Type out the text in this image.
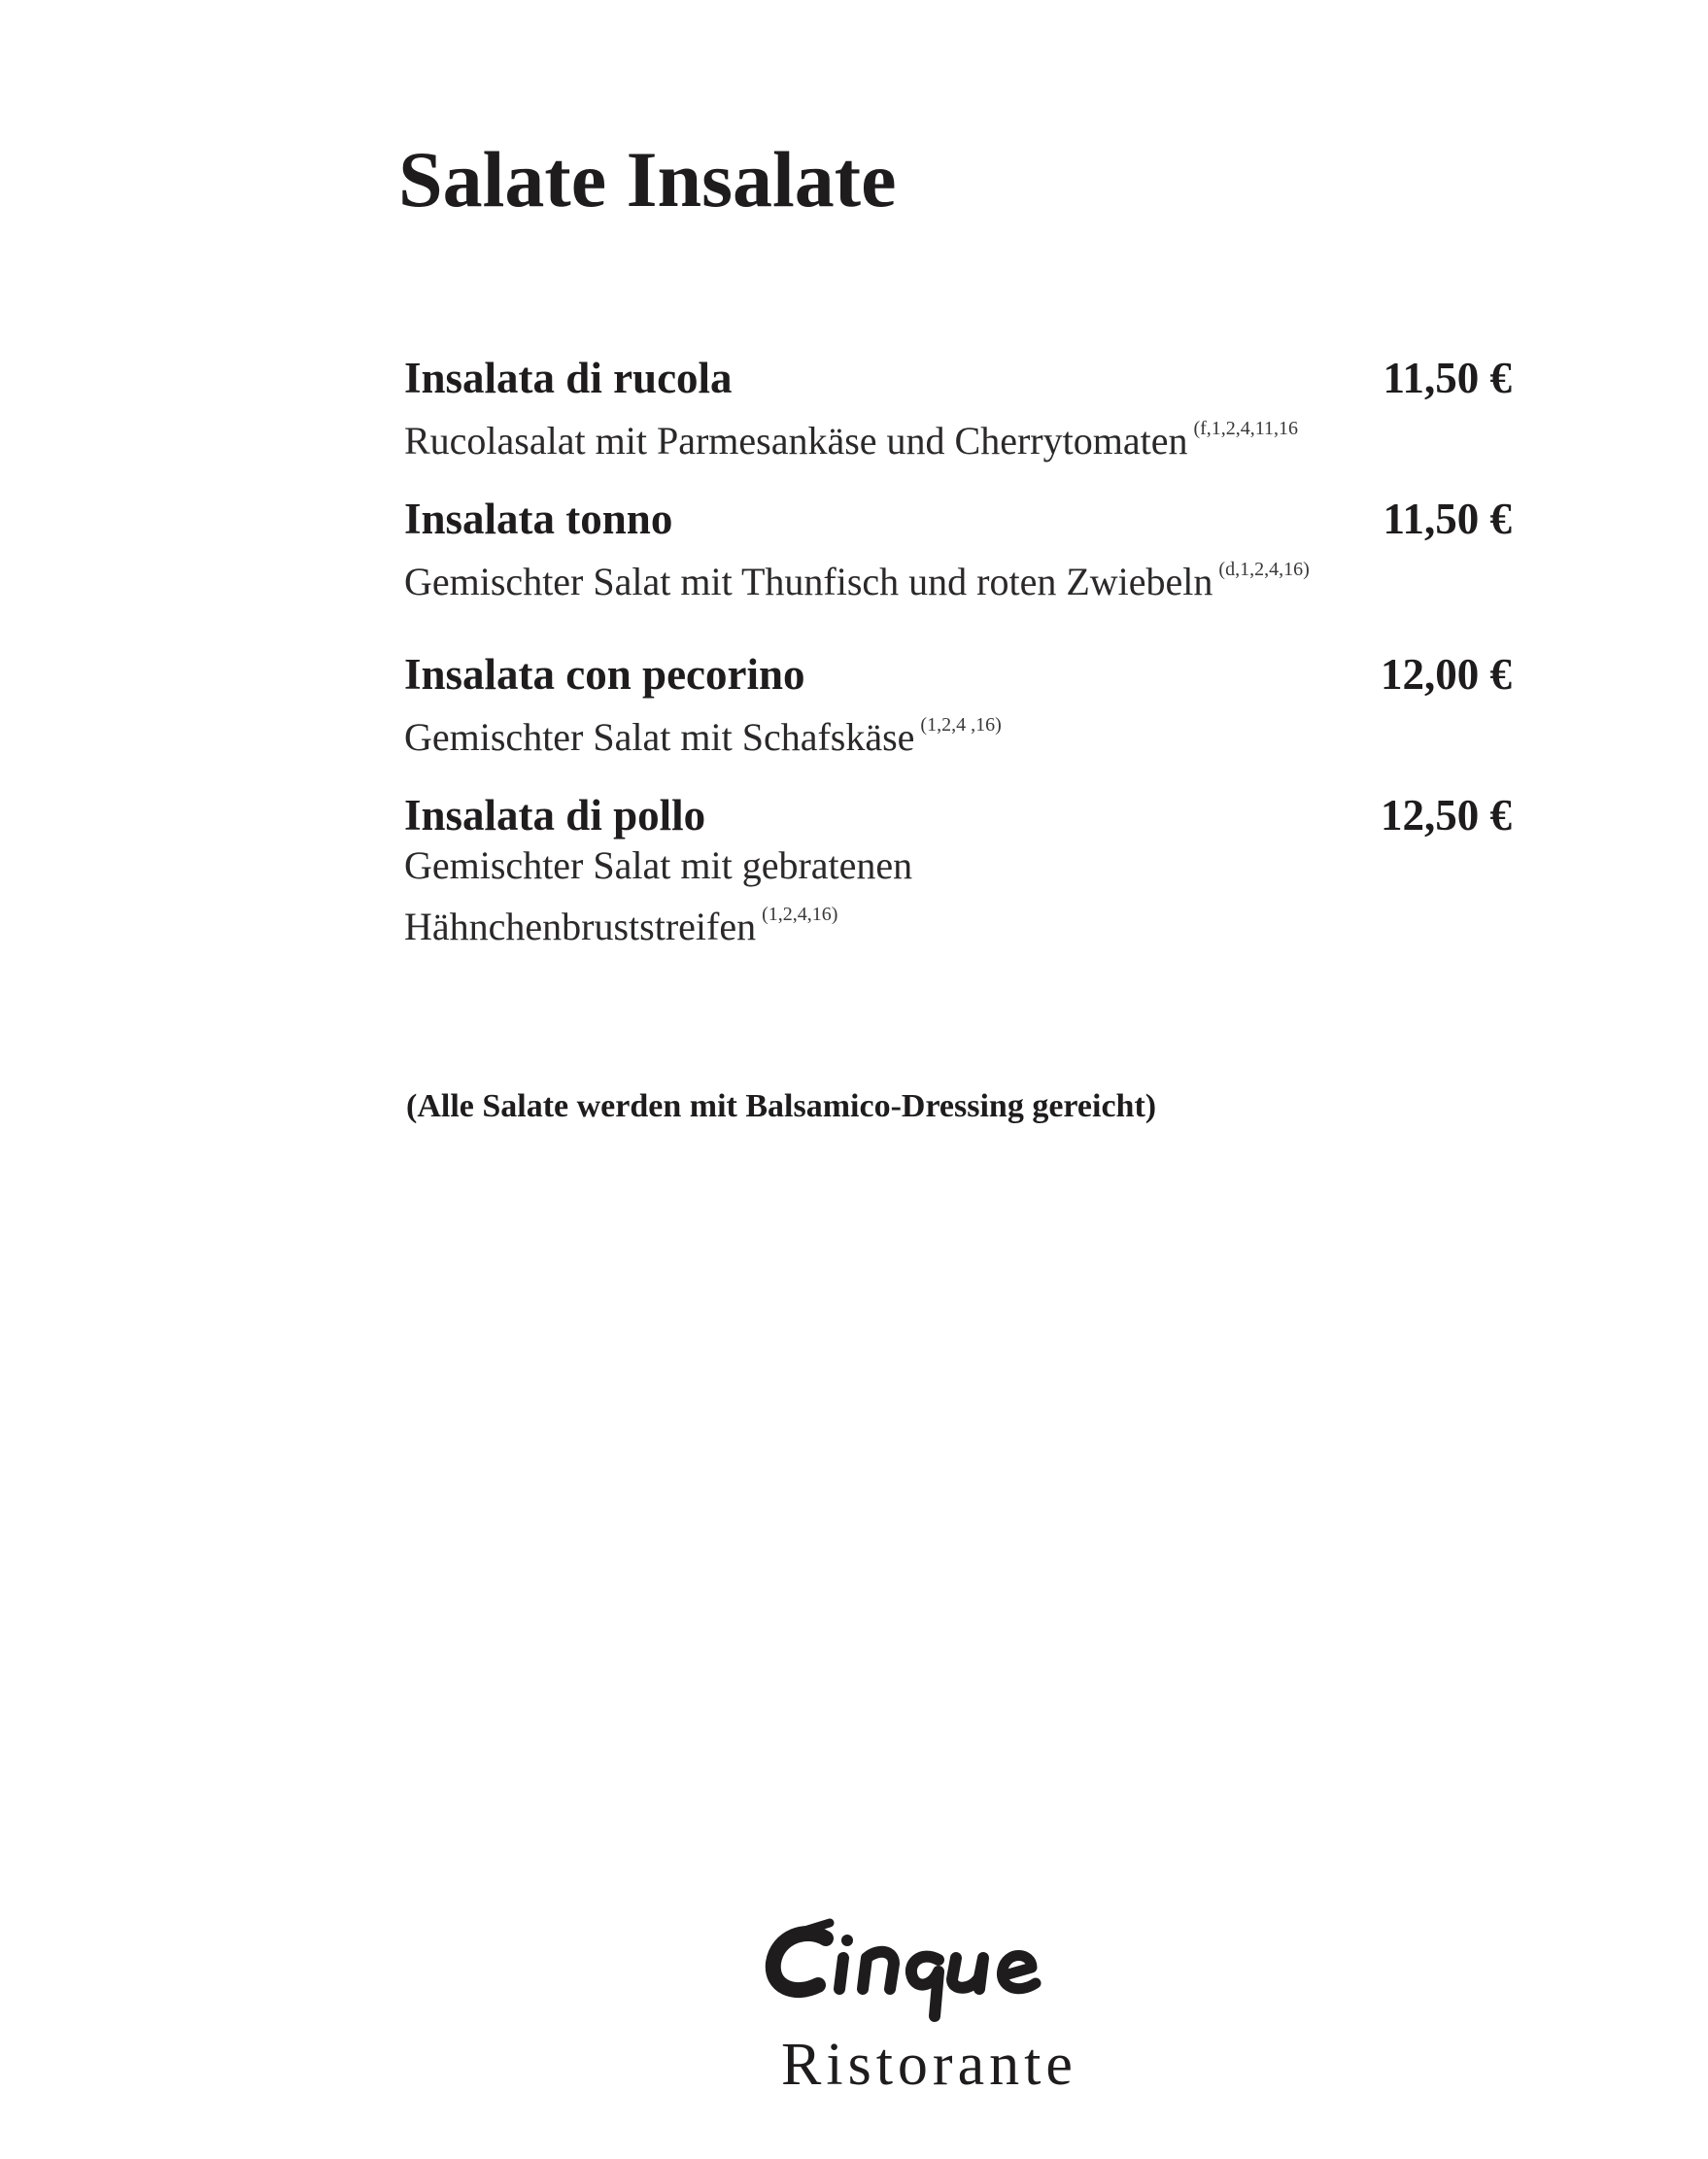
Salate Insalate
Insalata di rucola	11,50 €
Rucolasalat mit Parmesankäse und Cherrytomaten $^{(f,1,2,4,11,16}$
Insalata tonno	11,50 €
Gemischter Salat mit Thunfisch und roten Zwiebeln $^{(d,1,2,4,16)}$
Insalata con pecorino	12,00 €
Gemischter Salat mit Schafskäse $^{(1,2,4 ,16)}$
Insalata di pollo	12,50 €
Gemischter Salat mit gebratenen
Hähnchenbruststreifen $^{(1,2,4,16)}$
(Alle Salate werden mit Balsamico-Dressing gereicht)
Ristorante
